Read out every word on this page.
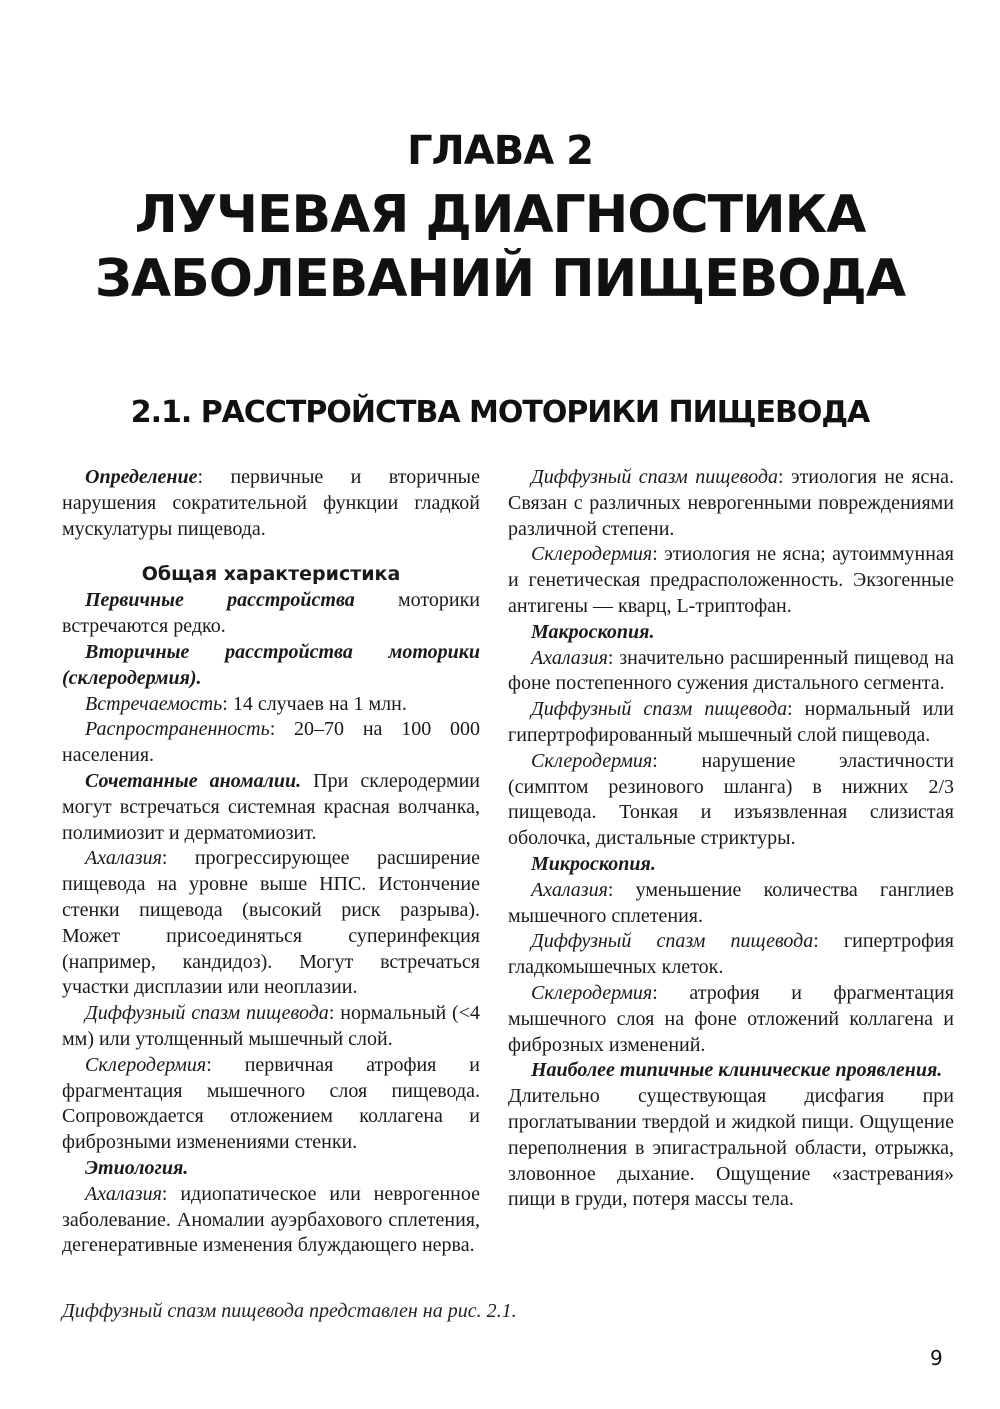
ГЛАВА 2
ЛУЧЕВАЯ ДИАГНОСТИКА
ЗАБОЛЕВАНИЙ ПИЩЕВОДА
2.1. РАССТРОЙСТВА МОТОРИКИ ПИЩЕВОДА

Определение: первичные и вторичные нарушения сократительной функции гладкой мускулатуры пищевода.

Общая характеристика

Первичные расстройства моторики встречаются редко.

Вторичные расстройства моторики (склеродермия).

Встречаемость: 14 случаев на 1 млн.

Распространенность: 20–70 на 100 000 населения.

Сочетанные аномалии. При склеродермии могут встречаться системная красная волчанка, полимиозит и дерматомиозит.

Ахалазия: прогрессирующее расширение пищевода на уровне выше НПС. Истончение стенки пищевода (высокий риск разрыва). Может присоединяться суперинфекция (например, кандидоз). Могут встречаться участки дисплазии или неоплазии.

Диффузный спазм пищевода: нормальный (<4 мм) или утолщенный мышечный слой.

Склеродермия: первичная атрофия и фрагментация мышечного слоя пищевода. Сопровождается отложением коллагена и фиброзными изменениями стенки.

Этиология.

Ахалазия: идиопатическое или неврогенное заболевание. Аномалии ауэрбахового сплетения, дегенеративные изменения блуждающего нерва.

Диффузный спазм пищевода: этиология не ясна. Связан с различных неврогенными повреждениями различной степени.

Склеродермия: этиология не ясна; аутоиммунная и генетическая предрасположенность. Экзогенные антигены — кварц, L-триптофан.

Макроскопия.

Ахалазия: значительно расширенный пищевод на фоне постепенного сужения дистального сегмента.

Диффузный спазм пищевода: нормальный или гипертрофированный мышечный слой пищевода.

Склеродермия: нарушение эластичности (симптом резинового шланга) в нижних 2/3 пищевода. Тонкая и изъязвленная слизистая оболочка, дистальные стриктуры.

Микроскопия.

Ахалазия: уменьшение количества ганглиев мышечного сплетения.

Диффузный спазм пищевода: гипертрофия гладкомышечных клеток.

Склеродермия: атрофия и фрагментация мышечного слоя на фоне отложений коллагена и фиброзных изменений.

Наиболее типичные клинические проявления.

Длительно существующая дисфагия при проглатывании твердой и жидкой пищи. Ощущение переполнения в эпигастральной области, отрыжка, зловонное дыхание. Ощущение «застревания» пищи в груди, потеря массы тела.

Диффузный спазм пищевода представлен на рис. 2.1.
9
